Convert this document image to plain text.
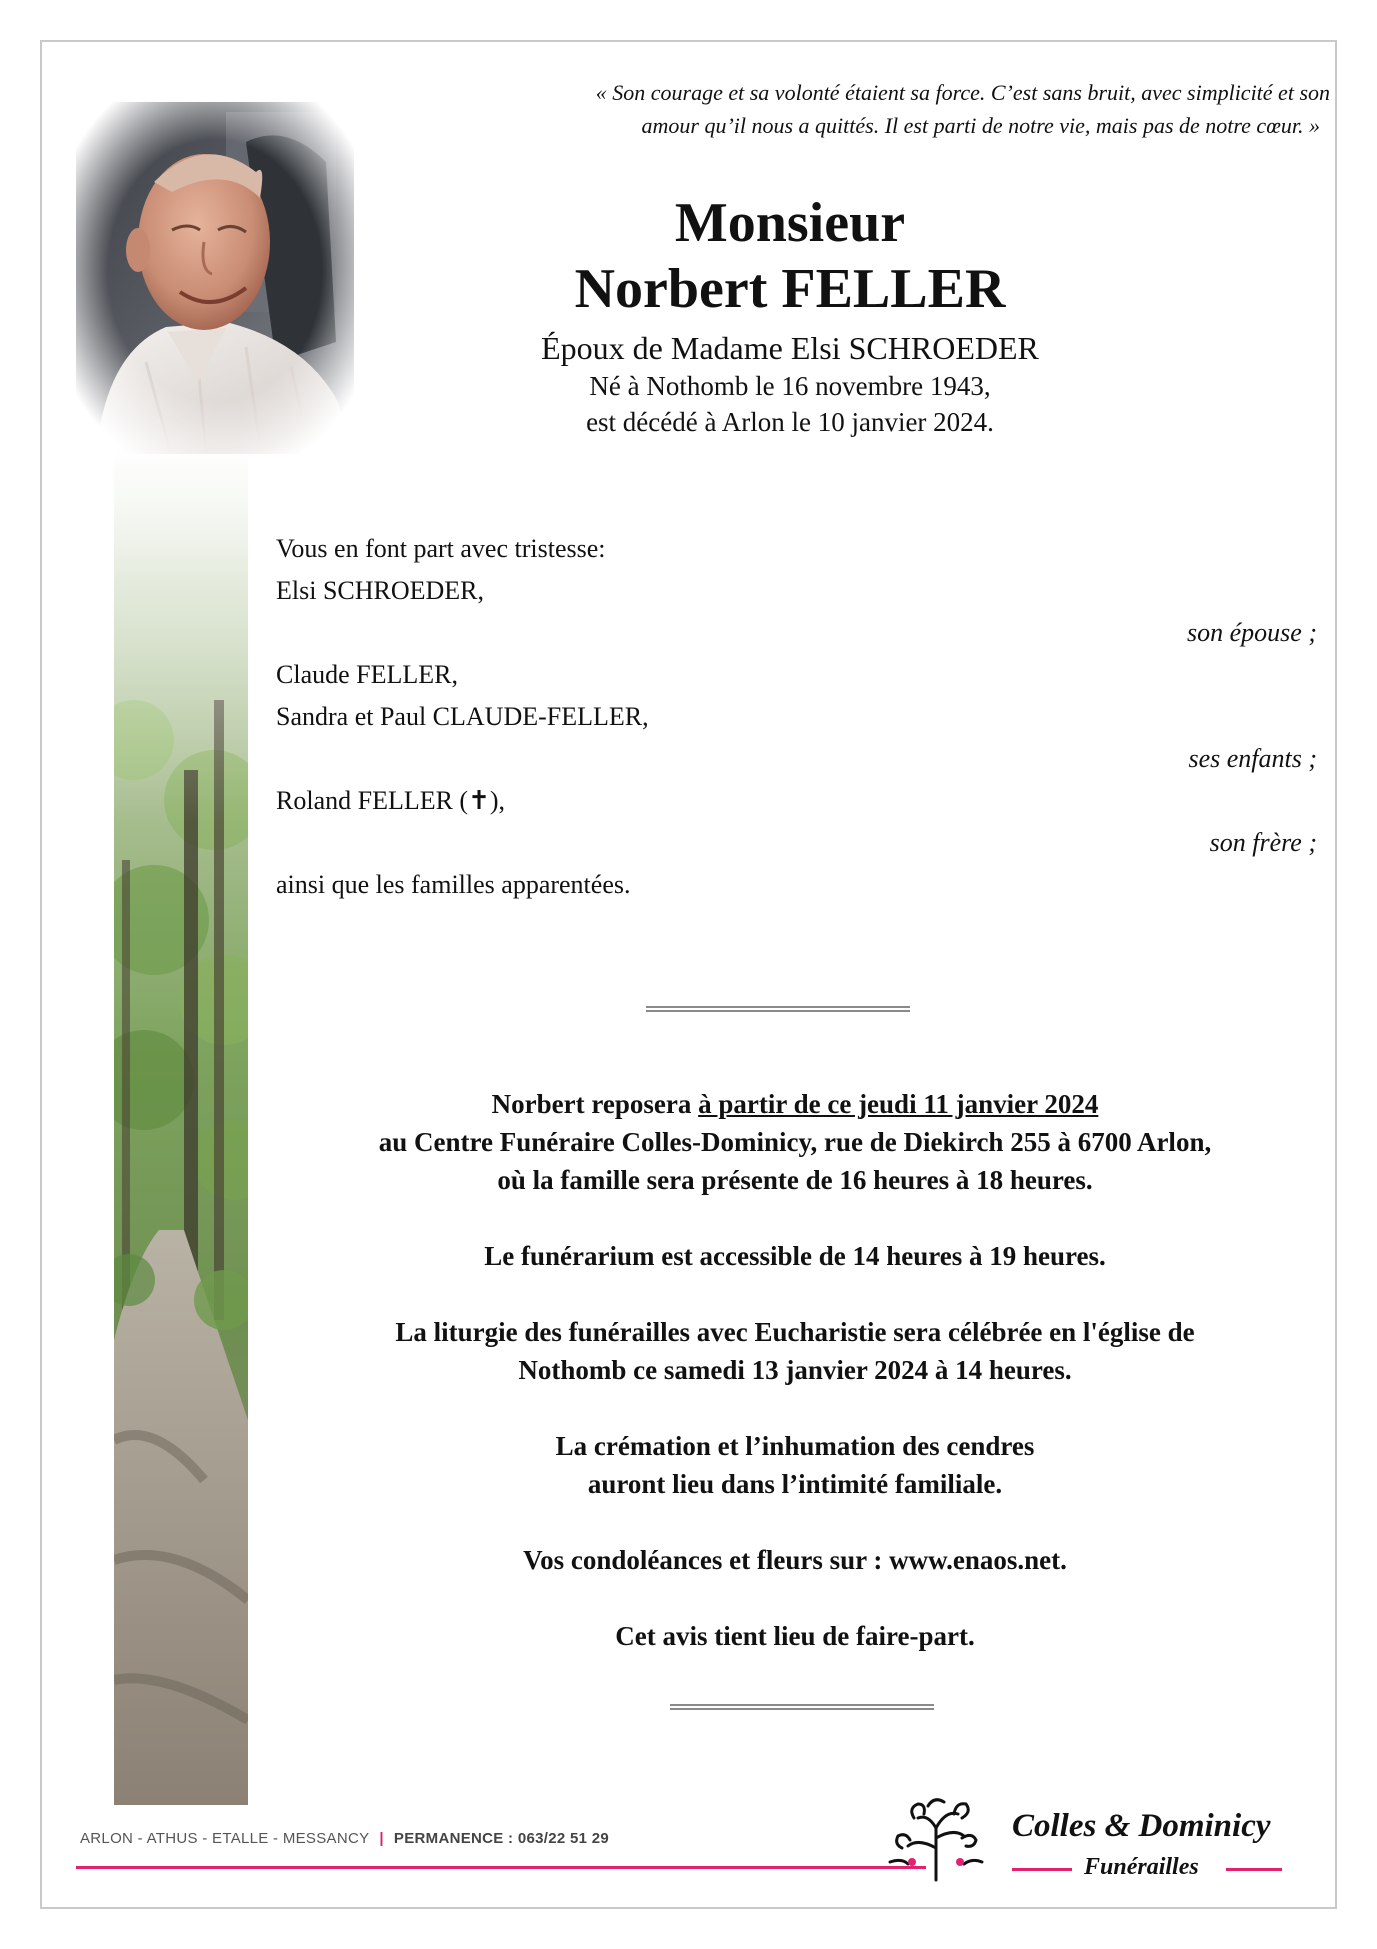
« Son courage et sa volonté étaient sa force. C’est sans bruit, avec simplicité et son
amour qu’il nous a quittés. Il est parti de notre vie, mais pas de notre cœur. »
Monsieur
Norbert FELLER
Époux de Madame Elsi SCHROEDER
Né à Nothomb le 16 novembre 1943,
est décédé à Arlon le 10 janvier 2024.
Vous en font part avec tristesse:
Elsi SCHROEDER,
son épouse ;
Claude FELLER,
Sandra et Paul CLAUDE-FELLER,
ses enfants ;
Roland FELLER (✝),
son frère ;
ainsi que les familles apparentées.

Norbert reposera à partir de ce jeudi 11 janvier 2024
au Centre Funéraire Colles-Dominicy, rue de Diekirch 255 à 6700 Arlon,
où la famille sera présente de 16 heures à 18 heures.

Le funérarium est accessible de 14 heures à 19 heures.

La liturgie des funérailles avec Eucharistie sera célébrée en l'église de
Nothomb ce samedi 13 janvier 2024 à 14 heures.

La crémation et l’inhumation des cendres
auront lieu dans l’intimité familiale.

Vos condoléances et fleurs sur : www.enaos.net.

Cet avis tient lieu de faire-part.

ARLON - ATHUS - ETALLE - MESSANCY | PERMANENCE : 063/22 51 29	Colles & Dominicy
Funérailles
